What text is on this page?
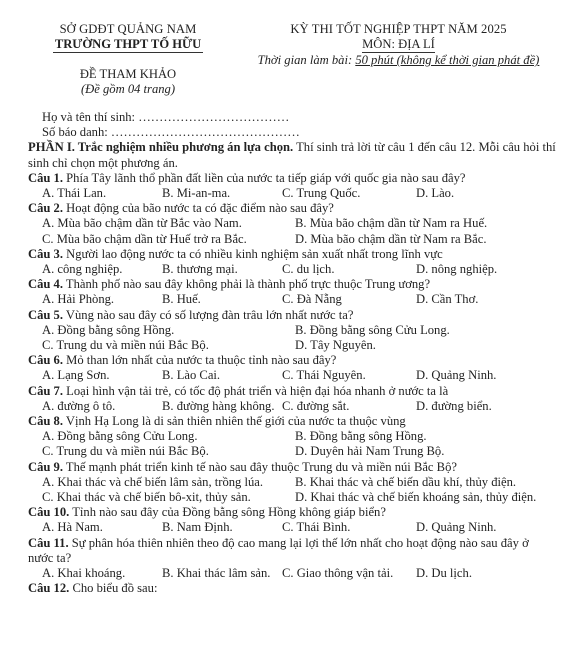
SỞ GDĐT QUẢNG NAM
TRƯỜNG THPT TỐ HỮU
ĐỀ THAM KHẢO
(Đề gồm 04 trang)
KỲ THI TỐT NGHIỆP THPT NĂM 2025
MÔN: ĐỊA LÍ
Thời gian làm bài: 50 phút (không kể thời gian phát đề)
Họ và tên thí sinh: ………………………………
Số báo danh: ………………………………………
PHẦN I. Trắc nghiệm nhiều phương án lựa chọn. Thí sinh trả lời từ câu 1 đến câu 12. Mỗi câu hỏi thí sinh chỉ chọn một phương án.
Câu 1. Phía Tây lãnh thổ phần đất liền của nước ta tiếp giáp với quốc gia nào sau đây?
A. Thái Lan.	B. Mi-an-ma.	C. Trung Quốc.	D. Lào.
Câu 2. Hoạt động của bão nước ta có đặc điểm nào sau đây?
A. Mùa bão chậm dần từ Bắc vào Nam.	B. Mùa bão chậm dần từ Nam ra Huế.
C. Mùa bão chậm dần từ Huế trở ra Bắc.	D. Mùa bão chậm dần từ Nam ra Bắc.
Câu 3. Người lao động nước ta có nhiều kinh nghiệm sản xuất nhất trong lĩnh vực
A. công nghiệp.	B. thương mại.	C. du lịch.	D. nông nghiệp.
Câu 4. Thành phố nào sau đây không phải là thành phố trực thuộc Trung ương?
A. Hải Phòng.	B. Huế.	C. Đà Nẵng	D. Cần Thơ.
Câu 5. Vùng nào sau đây có số lượng đàn trâu lớn nhất nước ta?
A. Đồng bằng sông Hồng.	B. Đồng bằng sông Cửu Long.
C. Trung du và miền núi Bắc Bộ.	D. Tây Nguyên.
Câu 6. Mỏ than lớn nhất của nước ta thuộc tỉnh nào sau đây?
A. Lạng Sơn.	B. Lào Cai.	C. Thái Nguyên.	D. Quảng Ninh.
Câu 7. Loại hình vận tải trẻ, có tốc độ phát triển và hiện đại hóa nhanh ở nước ta là
A. đường ô tô.	B. đường hàng không. C. đường sắt.	D. đường biển.
Câu 8. Vịnh Hạ Long là di sản thiên nhiên thế giới của nước ta thuộc vùng
A. Đồng bằng sông Cửu Long.	B. Đồng bằng sông Hồng.
C. Trung du và miền núi Bắc Bộ.	D. Duyên hải Nam Trung Bộ.
Câu 9. Thế mạnh phát triển kinh tế nào sau đây thuộc Trung du và miền núi Bắc Bộ?
A. Khai thác và chế biến lâm sản, trồng lúa.	B. Khai thác và chế biến dầu khí, thủy điện.
C. Khai thác và chế biến bô-xit, thủy sản.	D. Khai thác và chế biến khoáng sản, thủy điện.
Câu 10. Tỉnh nào sau đây của Đồng bằng sông Hồng không giáp biển?
A. Hà Nam.	B. Nam Định.	C. Thái Bình.	D. Quảng Ninh.
Câu 11. Sự phân hóa thiên nhiên theo độ cao mang lại lợi thế lớn nhất cho hoạt động nào sau đây ở nước ta?
A. Khai khoáng.	B. Khai thác lâm sản. C. Giao thông vận tải.	D. Du lịch.
Câu 12. Cho biểu đồ sau:
